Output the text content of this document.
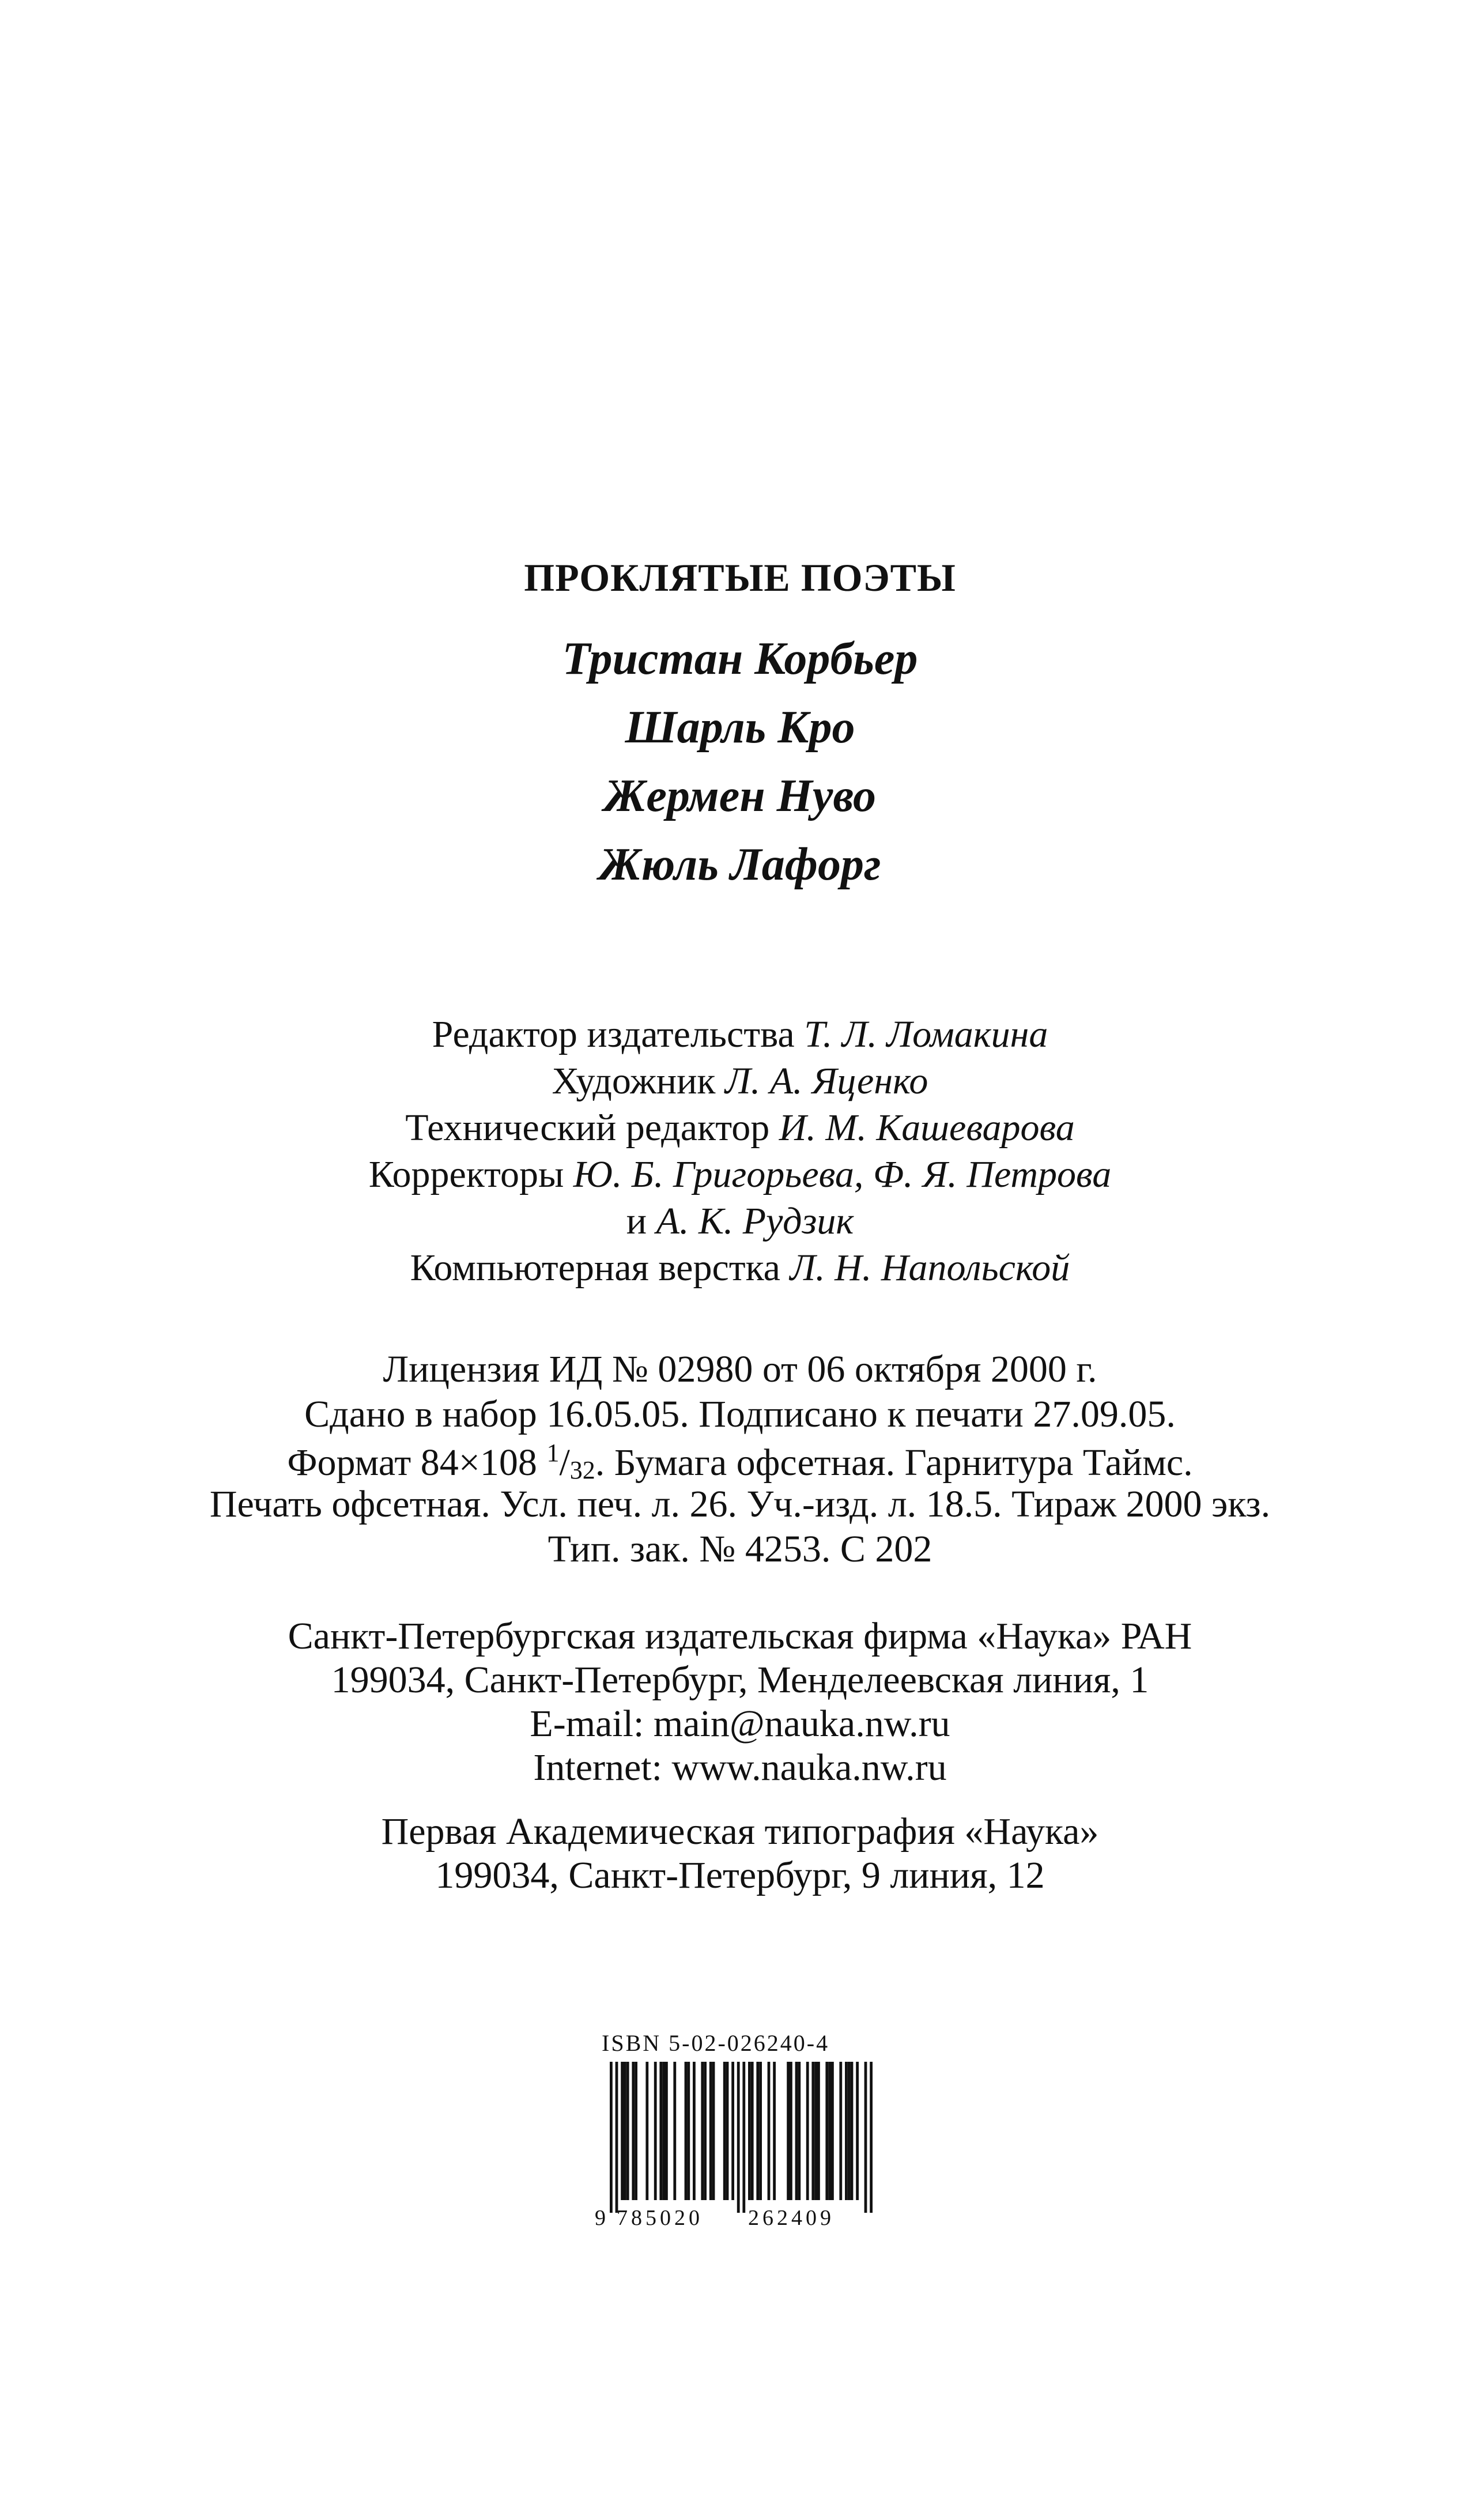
ПРОКЛЯТЫЕ ПОЭТЫ
Тристан Корбьер
Шарль Кро
Жермен Нуво
Жюль Лафорг
Редактор издательства Т. Л. Ломакина
Художник Л. А. Яценко
Технический редактор И. М. Кашеварова
Корректоры Ю. Б. Григорьева, Ф. Я. Петрова
и А. К. Рудзик
Компьютерная верстка Л. Н. Напольской
Лицензия ИД № 02980 от 06 октября 2000 г.
Сдано в набор 16.05.05. Подписано к печати 27.09.05.
Формат 84×108 $^1$/32. Бумага офсетная. Гарнитура Таймс.
Печать офсетная. Усл. печ. л. 26. Уч.-изд. л. 18.5. Тираж 2000 экз.
Тип. зак. № 4253. С 202
Санкт-Петербургская издательская фирма «Наука» РАН
199034, Санкт-Петербург, Менделеевская линия, 1
E-mail: main@nauka.nw.ru
Internet: www.nauka.nw.ru
Первая Академическая типография «Наука»
199034, Санкт-Петербург, 9 линия, 12
ISBN 5-02-026240-4
9 785020 262409
